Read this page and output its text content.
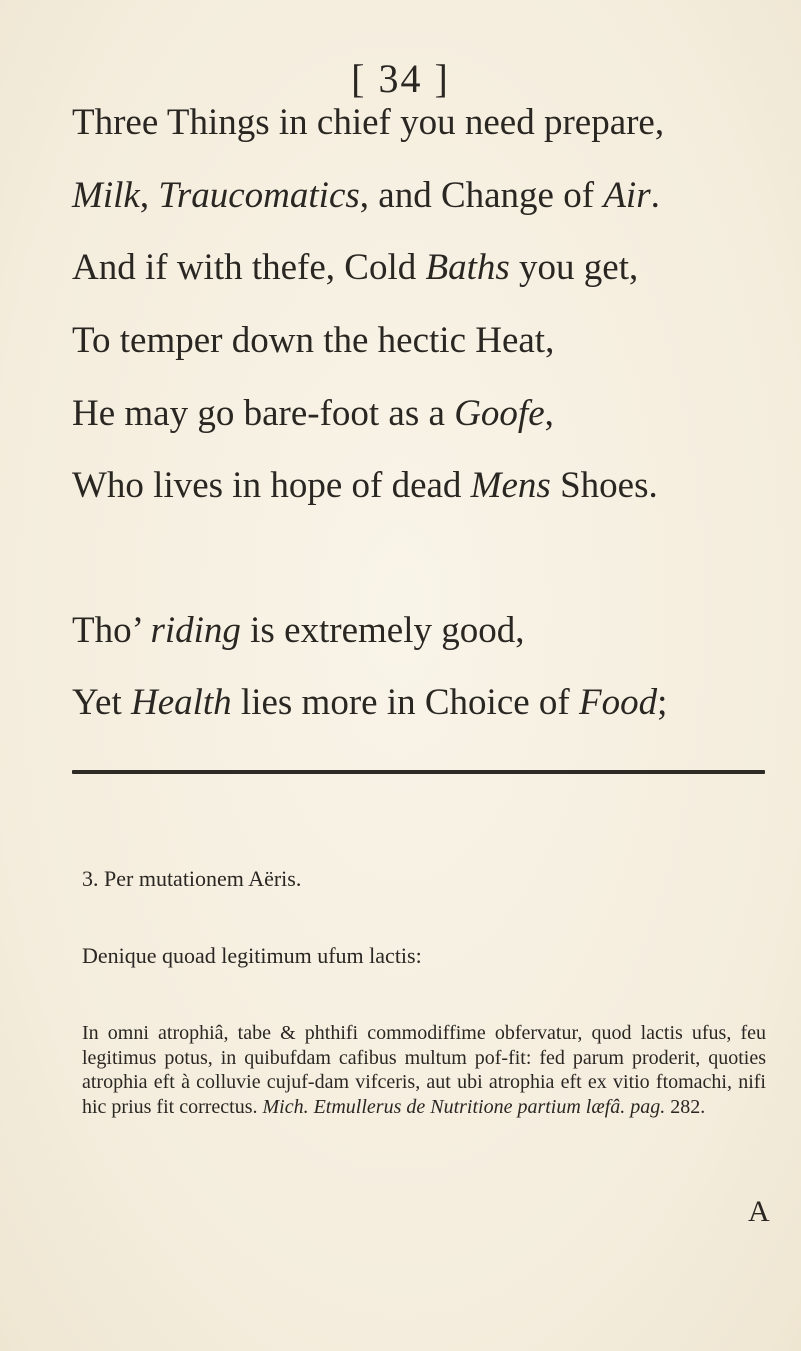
[ 34 ]
Three Things in chief you need prepare,
Milk, Traucomatics, and Change of Air.
And if with thefe, Cold Baths you get,
To temper down the hectic Heat,
He may go bare-foot as a Goofe,
Who lives in hope of dead Mens Shoes.
Tho’ riding is extremely good,
Yet Health lies more in Choice of Food;
3. Per mutationem Aëris.
Denique quoad legitimum ufum lactis:
In omni atrophiâ, tabe & phthifi commodiffime obfervatur, quod lactis ufus, feu legitimus potus, in quibufdam cafibus multum pof-fit: fed parum proderit, quoties atrophia eft à colluvie cujuf-dam vifceris, aut ubi atrophia eft ex vitio ftomachi, nifi hic prius fit correctus. Mich. Etmullerus de Nutritione partium læfâ. pag. 282.
A
